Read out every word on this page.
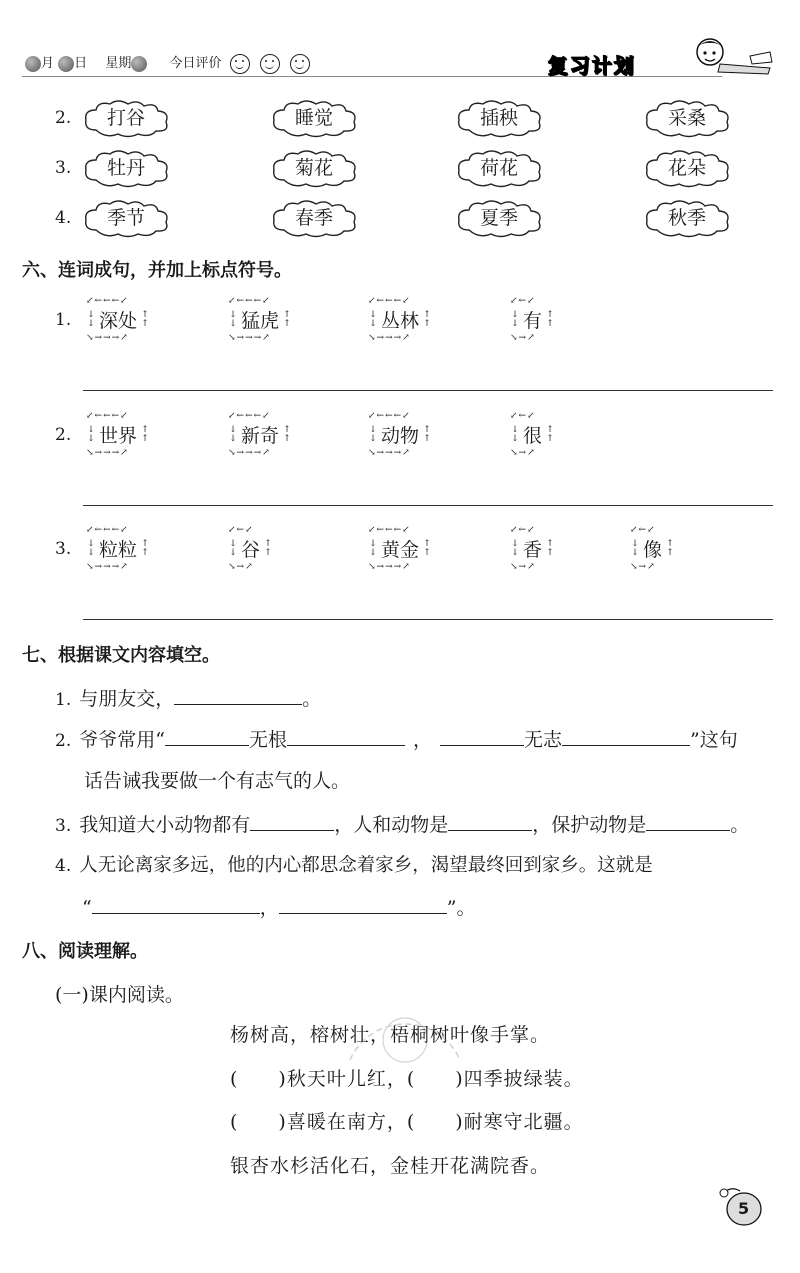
月 日 星期	今日评价	复习计划
2.	打谷	睡觉	插秧	采桑
3.	牡丹	菊花	荷花	花朵
4.	季节	春季	夏季	秋季
六、连词成句，并加上标点符号。
1.
↙←←←↙
↓
↓ 深处 ↑
↑
↘→→→↗
↙←←←↙
↓
↓ 猛虎 ↑
↑
↘→→→↗
↙←←←↙
↓
↓ 丛林 ↑
↑
↘→→→↗
↙←↙
↓
↓ 有 ↑
↑
↘→↗
2.
↙←←←↙
↓
↓ 世界 ↑
↑
↘→→→↗
↙←←←↙
↓
↓ 新奇 ↑
↑
↘→→→↗
↙←←←↙
↓
↓ 动物 ↑
↑
↘→→→↗
↙←↙
↓
↓ 很 ↑
↑
↘→↗
3.
↙←←←↙
↓
↓ 粒粒 ↑
↑
↘→→→↗
↙←↙
↓
↓ 谷 ↑
↑
↘→↗
↙←←←↙
↓
↓ 黄金 ↑
↑
↘→→→↗
↙←↙
↓
↓ 香 ↑
↑
↘→↗
↙←↙
↓
↓ 像 ↑
↑
↘→↗
七、根据课文内容填空。
1. 与朋友交，	。
2. 爷爷常用“	无根	，	无志	”这句
话告诫我要做一个有志气的人。
3. 我知道大小动物都有	，人和动物是	，保护动物是	。
4. 人无论离家多远，他的内心都思念着家乡，渴望最终回到家乡。这就是
“	，	”。
八、阅读理解。
(一)课内阅读。
杨树高，榕树壮，梧桐树叶像手掌。
(　　)秋天叶儿红，(　　)四季披绿装。
(　　)喜暖在南方，(　　)耐寒守北疆。
银杏水杉活化石，金桂开花满院香。
5
